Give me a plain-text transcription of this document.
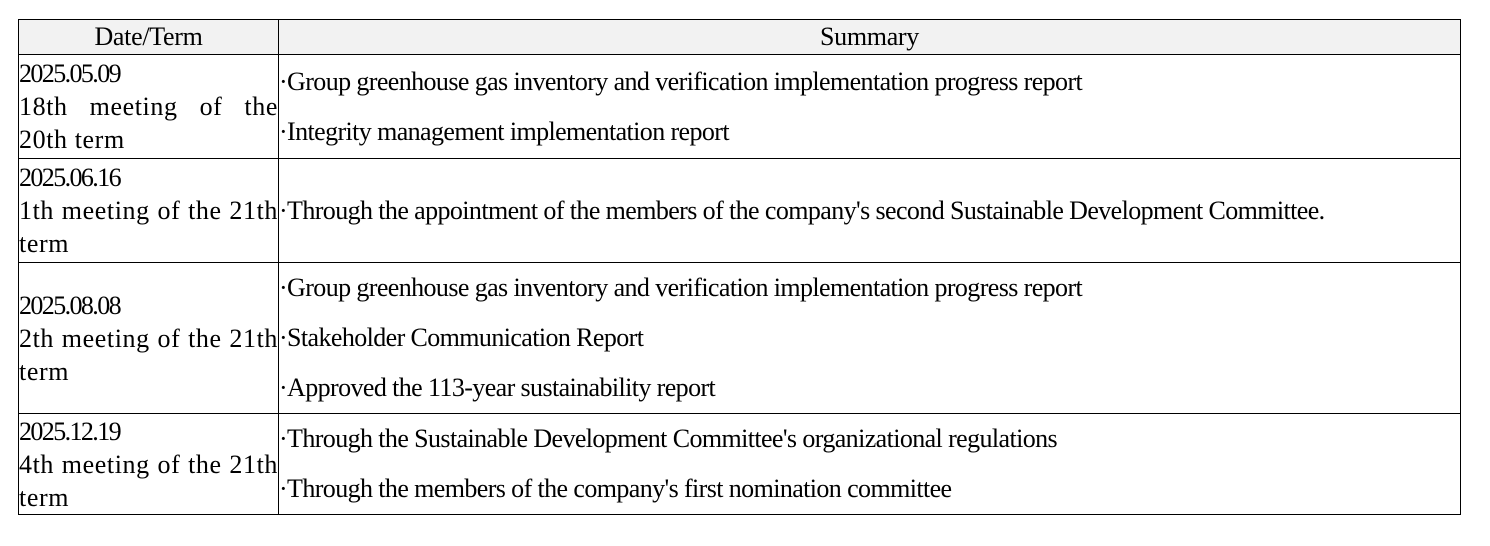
Date/Term	Summary

2025.05.09
18th meeting of the 20th term	·Group greenhouse gas inventory and verification implementation progress report
·Integrity management implementation report

2025.06.16
1th meeting of the 21th term	·Through the appointment of the members of the company's second Sustainable Development Committee.

2025.08.08
2th meeting of the 21th term	·Group greenhouse gas inventory and verification implementation progress report
·Stakeholder Communication Report
·Approved the 113-year sustainability report

2025.12.19
4th meeting of the 21th term	·Through the Sustainable Development Committee's organizational regulations
·Through the members of the company's first nomination committee
